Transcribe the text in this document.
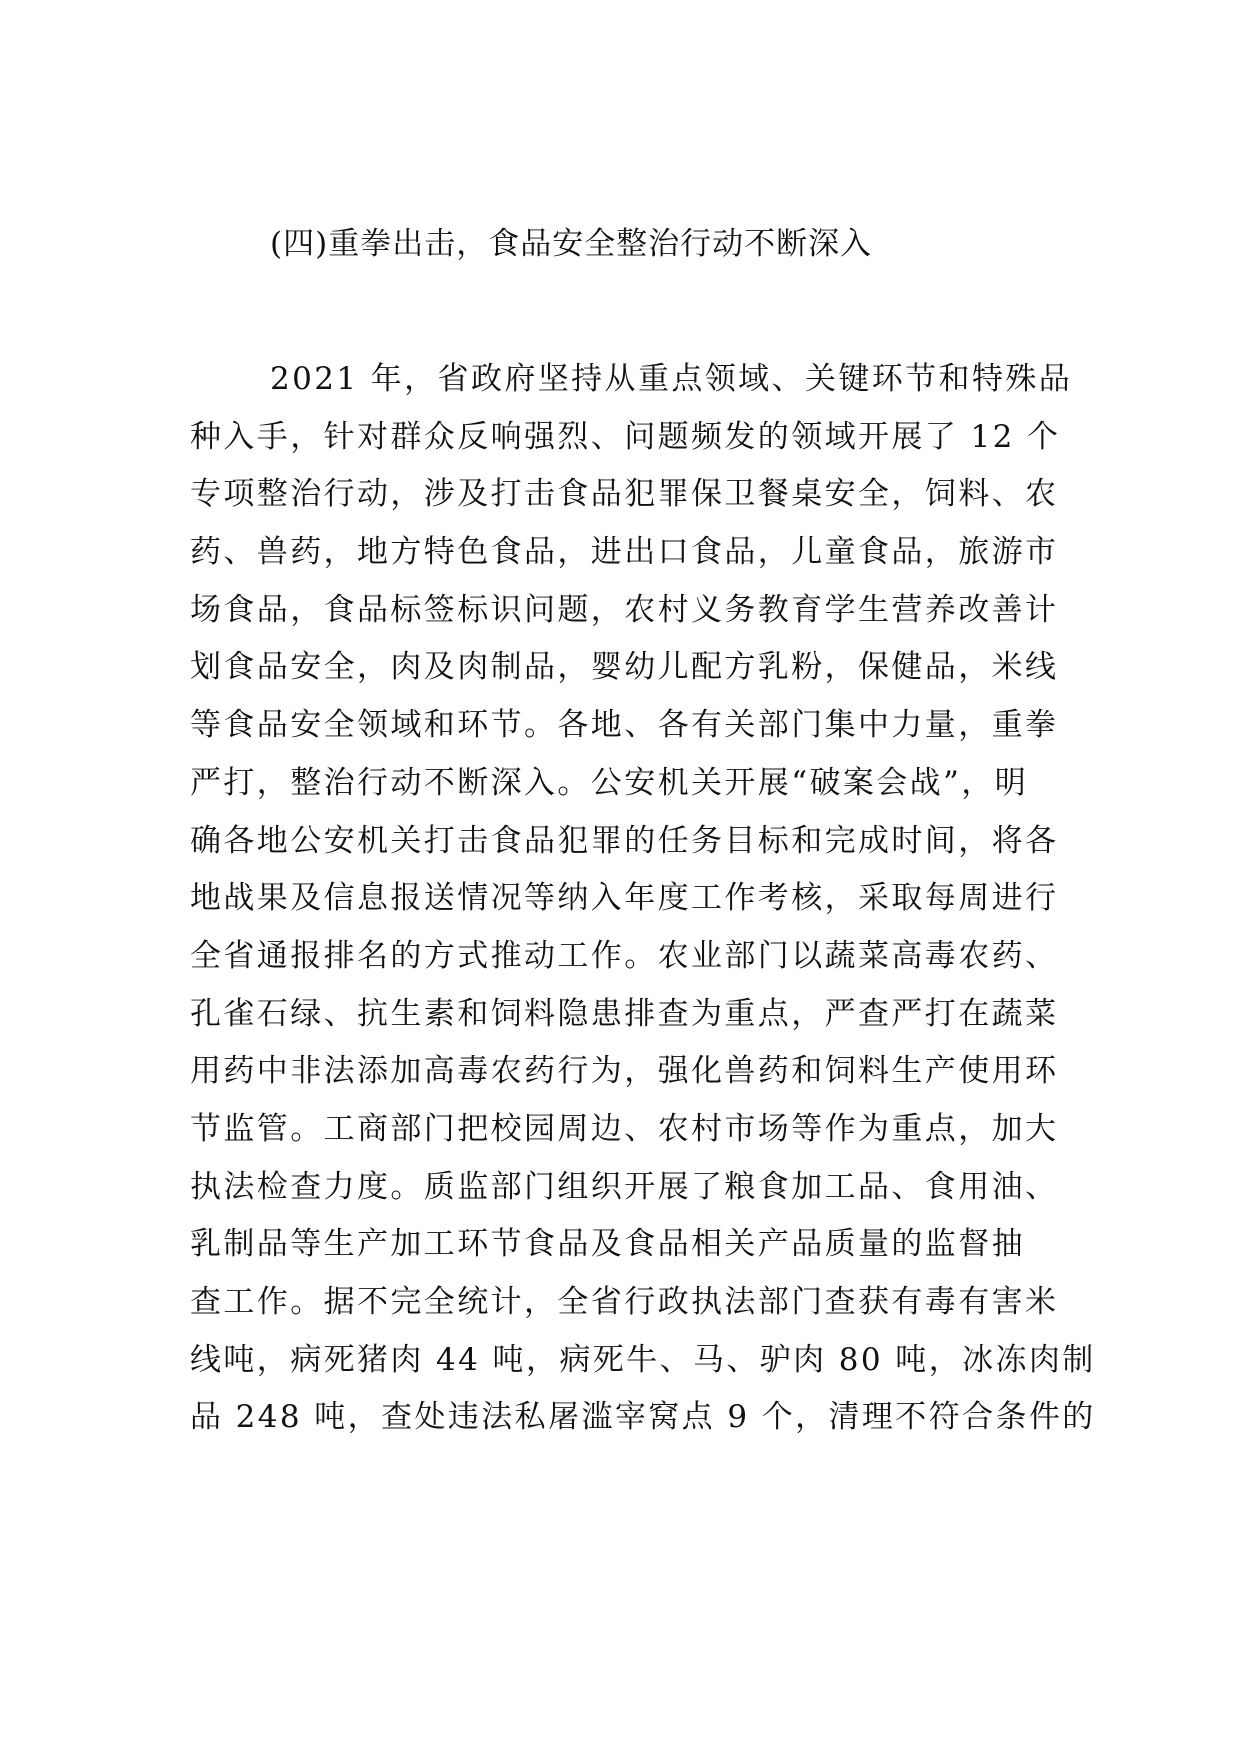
(四)重拳出击，食品安全整治行动不断深入
2021 年，省政府坚持从重点领域、关键环节和特殊品
种入手，针对群众反响强烈、问题频发的领域开展了 12 个
专项整治行动，涉及打击食品犯罪保卫餐桌安全，饲料、农
药、兽药，地方特色食品，进出口食品，儿童食品，旅游市
场食品，食品标签标识问题，农村义务教育学生营养改善计
划食品安全，肉及肉制品，婴幼儿配方乳粉，保健品，米线
等食品安全领域和环节。各地、各有关部门集中力量，重拳
严打，整治行动不断深入。公安机关开展“破案会战”，明
确各地公安机关打击食品犯罪的任务目标和完成时间，将各
地战果及信息报送情况等纳入年度工作考核，采取每周进行
全省通报排名的方式推动工作。农业部门以蔬菜高毒农药、
孔雀石绿、抗生素和饲料隐患排查为重点，严查严打在蔬菜
用药中非法添加高毒农药行为，强化兽药和饲料生产使用环
节监管。工商部门把校园周边、农村市场等作为重点，加大
执法检查力度。质监部门组织开展了粮食加工品、食用油、
乳制品等生产加工环节食品及食品相关产品质量的监督抽
查工作。据不完全统计，全省行政执法部门查获有毒有害米
线吨，病死猪肉 44 吨，病死牛、马、驴肉 80 吨，冰冻肉制
品 248 吨，查处违法私屠滥宰窝点 9 个，清理不符合条件的
